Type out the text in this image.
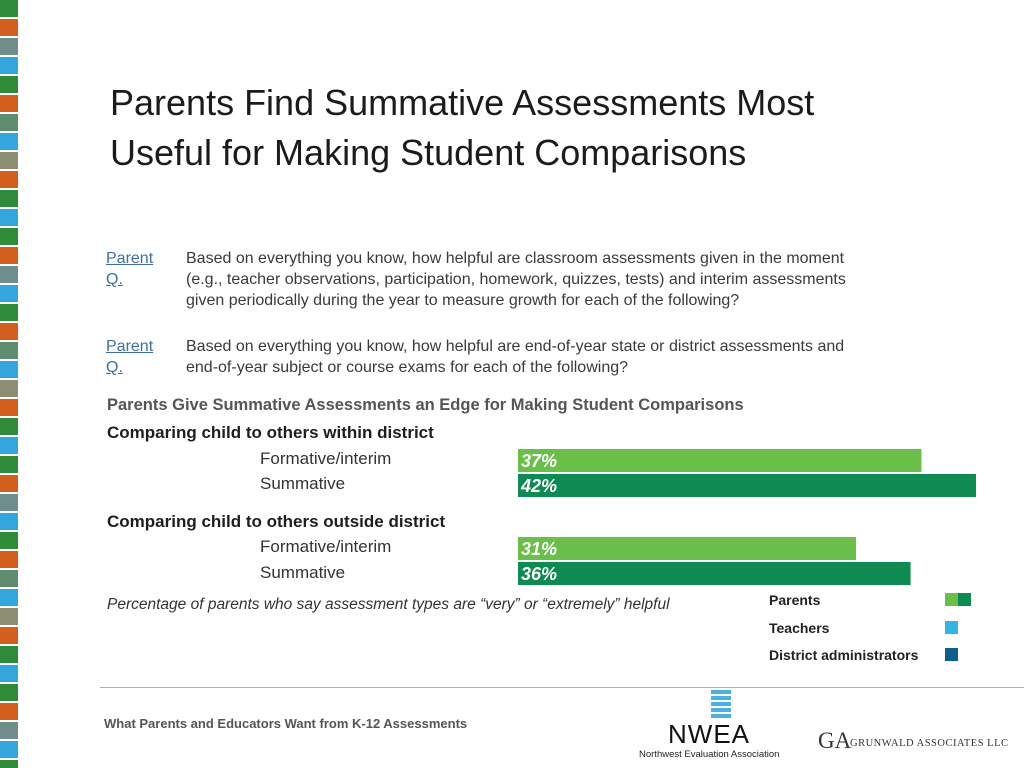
Parents Find Summative Assessments Most
Useful for Making Student Comparisons
Parent Q.
Based on everything you know, how helpful are classroom assessments given in the moment
(e.g., teacher observations, participation, homework, quizzes, tests) and interim assessments
given periodically during the year to measure growth for each of the following?
Parent Q.
Based on everything you know, how helpful are end-of-year state or district assessments and
end-of-year subject or course exams for each of the following?
Parents Give Summative Assessments an Edge for Making Student Comparisons
Comparing child to others within district
Formative/interim
Summative
Comparing child to others outside district
Formative/interim
Summative
37%
42%
31%
36%
Percentage of parents who say assessment types are “very” or “extremely” helpful	Parents
Teachers
District administrators
What Parents and Educators Want from K-12 Assessments	NWEA
Northwest Evaluation Association
GA
GRUNWALD ASSOCIATES LLC
